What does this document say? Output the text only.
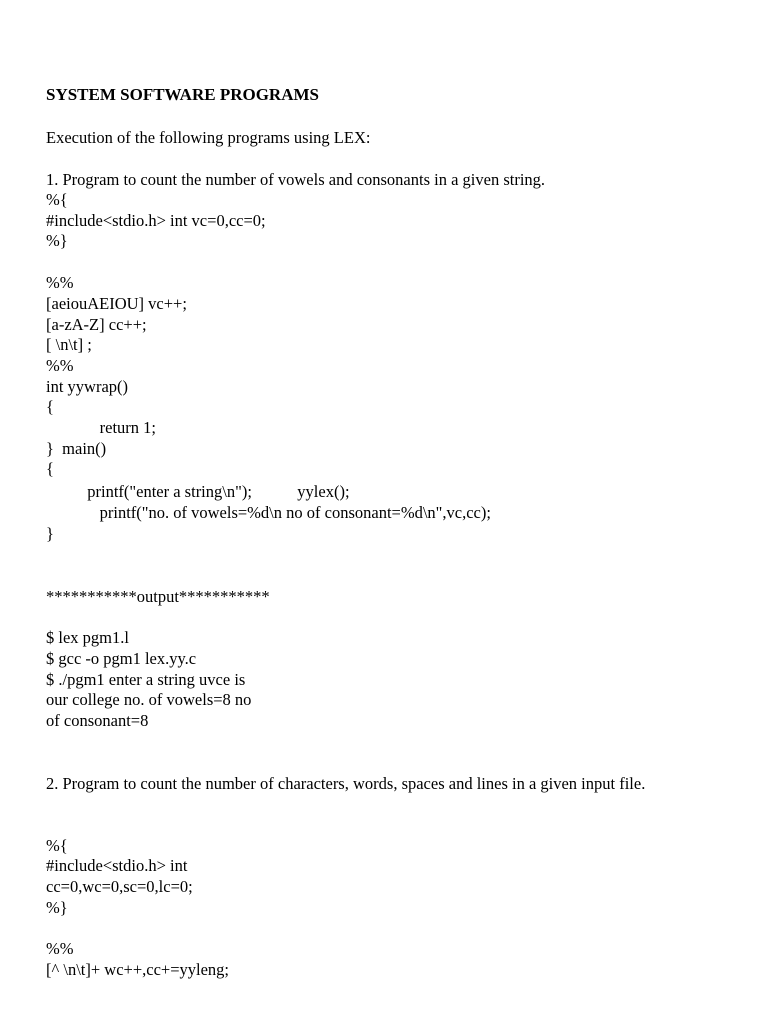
SYSTEM SOFTWARE PROGRAMS
Execution of the following programs using LEX:
1. Program to count the number of vowels and consonants in a given string.
%{
#include<stdio.h> int vc=0,cc=0;
%}
%%
[aeiouAEIOU] vc++;
[a-zA-Z] cc++;
[ \n\t] ;
%%
int yywrap()
{
return 1;
}  main()
{
printf("enter a string\n");           yylex();
printf("no. of vowels=%d\n no of consonant=%d\n",vc,cc);
}
***********output***********
$ lex pgm1.l
$ gcc -o pgm1 lex.yy.c
$ ./pgm1 enter a string uvce is
our college no. of vowels=8 no
of consonant=8
2. Program to count the number of characters, words, spaces and lines in a given input file.
%{
#include<stdio.h> int
cc=0,wc=0,sc=0,lc=0;
%}
%%
[^ \n\t]+ wc++,cc+=yyleng;
